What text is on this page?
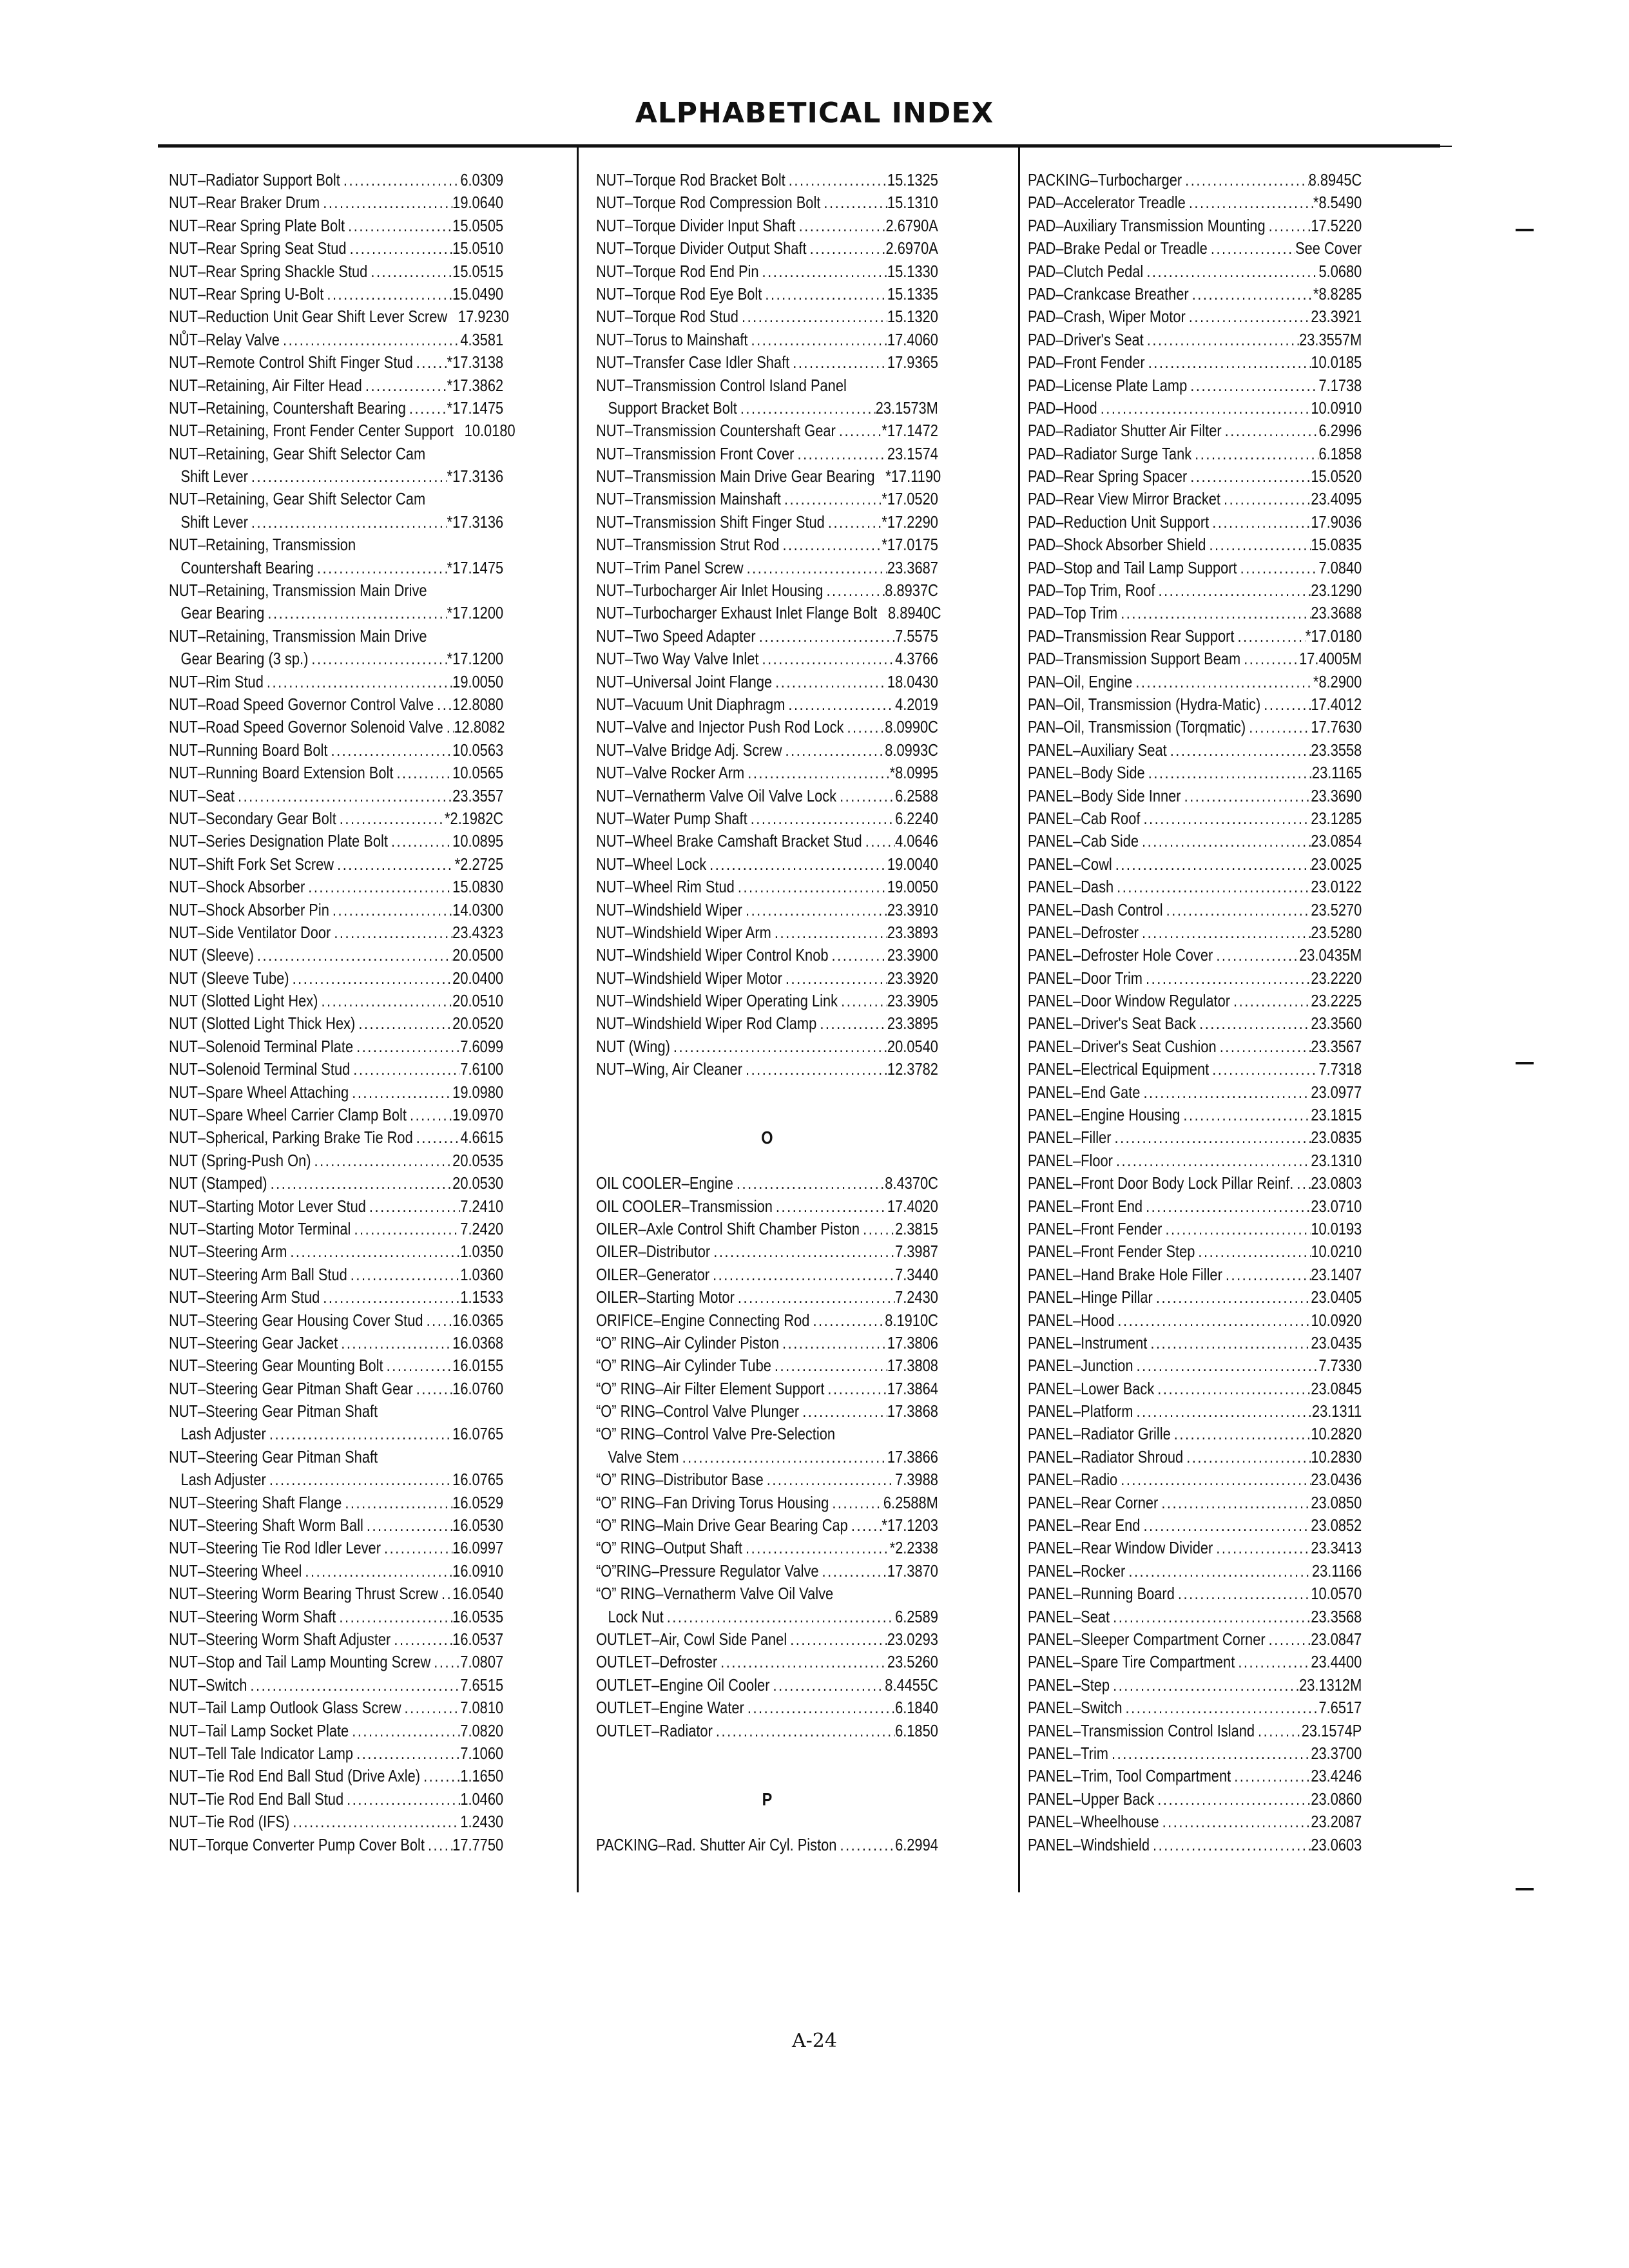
ALPHABETICAL INDEX
NUT–Radiator Support Bolt .....	6.0309
NUT–Rear Braker Drum .....	19.0640
NUT–Rear Spring Plate Bolt .....	15.0505
NUT–Rear Spring Seat Stud .....	15.0510
NUT–Rear Spring Shackle Stud .....	15.0515
NUT–Rear Spring U-Bolt .....	15.0490
NUT–Reduction Unit Gear Shift Lever Screw 17.9230
NŮT–Relay Valve .....	4.3581
NUT–Remote Control Shift Finger Stud ..... *17.3138
NUT–Retaining, Air Filter Head .....	*17.3862
NUT–Retaining, Countershaft Bearing ..... *17.1475
NUT–Retaining, Front Fender Center Support 10.0180
NUT–Retaining, Gear Shift Selector Cam
Shift Lever .....	*17.3136
NUT–Retaining, Gear Shift Selector Cam
Shift Lever .....	*17.3136
NUT–Retaining, Transmission
Countershaft Bearing .....	*17.1475
NUT–Retaining, Transmission Main Drive
Gear Bearing .....	*17.1200
NUT–Retaining, Transmission Main Drive
Gear Bearing (3 sp.) .....	*17.1200
NUT–Rim Stud .....	19.0050
NUT–Road Speed Governor Control Valve ..... 12.8080
NUT–Road Speed Governor Solenoid Valve ..... 12.8082
NUT–Running Board Bolt .....	10.0563
NUT–Running Board Extension Bolt .....	10.0565
NUT–Seat .....	23.3557
NUT–Secondary Gear Bolt .....	*2.1982C
NUT–Series Designation Plate Bolt .....	10.0895
NUT–Shift Fork Set Screw .....	*2.2725
NUT–Shock Absorber .....	15.0830
NUT–Shock Absorber Pin .....	14.0300
NUT–Side Ventilator Door .....	23.4323
NUT (Sleeve) .....	20.0500
NUT (Sleeve Tube) .....	20.0400
NUT (Slotted Light Hex) .....	20.0510
NUT (Slotted Light Thick Hex) .....	20.0520
NUT–Solenoid Terminal Plate .....	7.6099
NUT–Solenoid Terminal Stud .....	7.6100
NUT–Spare Wheel Attaching .....	19.0980
NUT–Spare Wheel Carrier Clamp Bolt .....	19.0970
NUT–Spherical, Parking Brake Tie Rod .....	4.6615
NUT (Spring-Push On) .....	20.0535
NUT (Stamped) .....	20.0530
NUT–Starting Motor Lever Stud .....	7.2410
NUT–Starting Motor Terminal .....	7.2420
NUT–Steering Arm .....	1.0350
NUT–Steering Arm Ball Stud .....	1.0360
NUT–Steering Arm Stud .....	1.1533
NUT–Steering Gear Housing Cover Stud ..... 16.0365
NUT–Steering Gear Jacket .....	16.0368
NUT–Steering Gear Mounting Bolt .....	16.0155
NUT–Steering Gear Pitman Shaft Gear ..... 16.0760
NUT–Steering Gear Pitman Shaft
Lash Adjuster .....	16.0765
NUT–Steering Gear Pitman Shaft
Lash Adjuster .....	16.0765
NUT–Steering Shaft Flange .....	16.0529
NUT–Steering Shaft Worm Ball .....	16.0530
NUT–Steering Tie Rod Idler Lever .....	16.0997
NUT–Steering Wheel .....	16.0910
NUT–Steering Worm Bearing Thrust Screw ..... 16.0540
NUT–Steering Worm Shaft .....	16.0535
NUT–Steering Worm Shaft Adjuster .....	16.0537
NUT–Stop and Tail Lamp Mounting Screw ..... 7.0807
NUT–Switch .....	7.6515
NUT–Tail Lamp Outlook Glass Screw .....	7.0810
NUT–Tail Lamp Socket Plate .....	7.0820
NUT–Tell Tale Indicator Lamp .....	7.1060
NUT–Tie Rod End Ball Stud (Drive Axle) ..... 1.1650
NUT–Tie Rod End Ball Stud .....	1.0460
NUT–Tie Rod (IFS) .....	1.2430
NUT–Torque Converter Pump Cover Bolt ..... 17.7750
NUT–Torque Rod Bracket Bolt .....	15.1325
NUT–Torque Rod Compression Bolt .....	15.1310
NUT–Torque Divider Input Shaft .....	2.6790A
NUT–Torque Divider Output Shaft .....	2.6970A
NUT–Torque Rod End Pin .....	15.1330
NUT–Torque Rod Eye Bolt .....	15.1335
NUT–Torque Rod Stud .....	15.1320
NUT–Torus to Mainshaft .....	17.4060
NUT–Transfer Case Idler Shaft .....	17.9365
NUT–Transmission Control Island Panel
Support Bracket Bolt .....	23.1573M
NUT–Transmission Countershaft Gear .....	*17.1472
NUT–Transmission Front Cover .....	23.1574
NUT–Transmission Main Drive Gear Bearing *17.1190
NUT–Transmission Mainshaft .....	*17.0520
NUT–Transmission Shift Finger Stud .....	*17.2290
NUT–Transmission Strut Rod .....	*17.0175
NUT–Trim Panel Screw .....	23.3687
NUT–Turbocharger Air Inlet Housing .....	8.8937C
NUT–Turbocharger Exhaust Inlet Flange Bolt 8.8940C
NUT–Two Speed Adapter .....	7.5575
NUT–Two Way Valve Inlet .....	4.3766
NUT–Universal Joint Flange .....	18.0430
NUT–Vacuum Unit Diaphragm .....	4.2019
NUT–Valve and Injector Push Rod Lock ..... 8.0990C
NUT–Valve Bridge Adj. Screw .....	8.0993C
NUT–Valve Rocker Arm .....	*8.0995
NUT–Vernatherm Valve Oil Valve Lock .....	6.2588
NUT–Water Pump Shaft .....	6.2240
NUT–Wheel Brake Camshaft Bracket Stud ..... 4.0646
NUT–Wheel Lock .....	19.0040
NUT–Wheel Rim Stud .....	19.0050
NUT–Windshield Wiper .....	23.3910
NUT–Windshield Wiper Arm .....	23.3893
NUT–Windshield Wiper Control Knob .....	23.3900
NUT–Windshield Wiper Motor .....	23.3920
NUT–Windshield Wiper Operating Link .....	23.3905
NUT–Windshield Wiper Rod Clamp .....	23.3895
NUT (Wing) .....	20.0540
NUT–Wing, Air Cleaner .....	12.3782
O
OIL COOLER–Engine .....	8.4370C
OIL COOLER–Transmission .....	17.4020
OILER–Axle Control Shift Chamber Piston ..... 2.3815
OILER–Distributor .....	7.3987
OILER–Generator .....	7.3440
OILER–Starting Motor .....	7.2430
ORIFICE–Engine Connecting Rod .....	8.1910C
“O” RING–Air Cylinder Piston .....	17.3806
“O” RING–Air Cylinder Tube .....	17.3808
“O” RING–Air Filter Element Support .....	17.3864
“O” RING–Control Valve Plunger .....	17.3868
“O” RING–Control Valve Pre-Selection
Valve Stem .....	17.3866
“O” RING–Distributor Base .....	7.3988
“O” RING–Fan Driving Torus Housing .....	6.2588M
“O” RING–Main Drive Gear Bearing Cap ..... *17.1203
“O” RING–Output Shaft .....	*2.2338
“O”RING–Pressure Regulator Valve .....	17.3870
“O” RING–Vernatherm Valve Oil Valve
Lock Nut .....	6.2589
OUTLET–Air, Cowl Side Panel .....	23.0293
OUTLET–Defroster .....	23.5260
OUTLET–Engine Oil Cooler .....	8.4455C
OUTLET–Engine Water .....	6.1840
OUTLET–Radiator .....	6.1850
P
PACKING–Rad. Shutter Air Cyl. Piston .....	6.2994
PACKING–Turbocharger .....	8.8945C
PAD–Accelerator Treadle .....	*8.5490
PAD–Auxiliary Transmission Mounting .....	17.5220
PAD–Brake Pedal or Treadle .....	See Cover
PAD–Clutch Pedal .....	5.0680
PAD–Crankcase Breather .....	*8.8285
PAD–Crash, Wiper Motor .....	23.3921
PAD–Driver's Seat .....	23.3557M
PAD–Front Fender .....	10.0185
PAD–License Plate Lamp .....	7.1738
PAD–Hood .....	10.0910
PAD–Radiator Shutter Air Filter .....	6.2996
PAD–Radiator Surge Tank .....	6.1858
PAD–Rear Spring Spacer .....	15.0520
PAD–Rear View Mirror Bracket .....	23.4095
PAD–Reduction Unit Support .....	17.9036
PAD–Shock Absorber Shield .....	15.0835
PAD–Stop and Tail Lamp Support .....	7.0840
PAD–Top Trim, Roof .....	23.1290
PAD–Top Trim .....	23.3688
PAD–Transmission Rear Support .....	*17.0180
PAD–Transmission Support Beam .....	17.4005M
PAN–Oil, Engine .....	*8.2900
PAN–Oil, Transmission (Hydra-Matic) .....	17.4012
PAN–Oil, Transmission (Torqmatic) .....	17.7630
PANEL–Auxiliary Seat .....	23.3558
PANEL–Body Side .....	23.1165
PANEL–Body Side Inner .....	23.3690
PANEL–Cab Roof .....	23.1285
PANEL–Cab Side .....	23.0854
PANEL–Cowl .....	23.0025
PANEL–Dash .....	23.0122
PANEL–Dash Control .....	23.5270
PANEL–Defroster .....	23.5280
PANEL–Defroster Hole Cover .....	23.0435M
PANEL–Door Trim .....	23.2220
PANEL–Door Window Regulator .....	23.2225
PANEL–Driver's Seat Back .....	23.3560
PANEL–Driver's Seat Cushion .....	23.3567
PANEL–Electrical Equipment .....	7.7318
PANEL–End Gate .....	23.0977
PANEL–Engine Housing .....	23.1815
PANEL–Filler .....	23.0835
PANEL–Floor .....	23.1310
PANEL–Front Door Body Lock Pillar Reinf. ..... 23.0803
PANEL–Front End .....	23.0710
PANEL–Front Fender .....	10.0193
PANEL–Front Fender Step .....	10.0210
PANEL–Hand Brake Hole Filler .....	23.1407
PANEL–Hinge Pillar .....	23.0405
PANEL–Hood .....	10.0920
PANEL–Instrument .....	23.0435
PANEL–Junction .....	7.7330
PANEL–Lower Back .....	23.0845
PANEL–Platform .....	23.1311
PANEL–Radiator Grille .....	10.2820
PANEL–Radiator Shroud .....	10.2830
PANEL–Radio .....	23.0436
PANEL–Rear Corner .....	23.0850
PANEL–Rear End .....	23.0852
PANEL–Rear Window Divider .....	23.3413
PANEL–Rocker .....	23.1166
PANEL–Running Board .....	10.0570
PANEL–Seat .....	23.3568
PANEL–Sleeper Compartment Corner .....	23.0847
PANEL–Spare Tire Compartment .....	23.4400
PANEL–Step .....	23.1312M
PANEL–Switch .....	7.6517
PANEL–Transmission Control Island .....	23.1574P
PANEL–Trim .....	23.3700
PANEL–Trim, Tool Compartment .....	23.4246
PANEL–Upper Back .....	23.0860
PANEL–Wheelhouse .....	23.2087
PANEL–Windshield .....	23.0603
A-24
